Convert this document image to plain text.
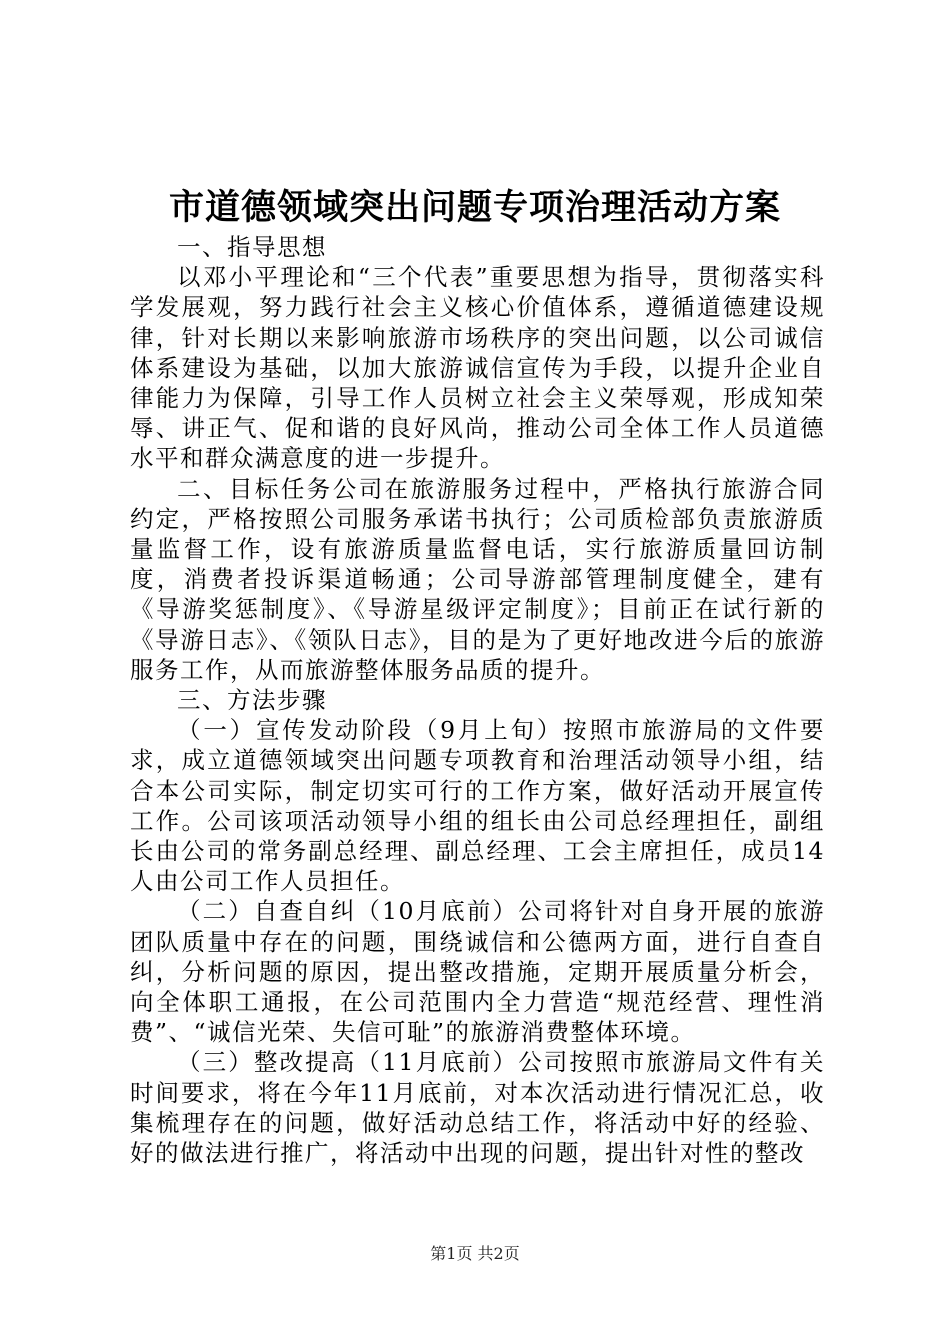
市道德领域突出问题专项治理活动方案

一、指导思想

以邓小平理论和“三个代表”重要思想为指导，贯彻落实科学发展观，努力践行社会主义核心价值体系，遵循道德建设规律，针对长期以来影响旅游市场秩序的突出问题，以公司诚信体系建设为基础，以加大旅游诚信宣传为手段，以提升企业自律能力为保障，引导工作人员树立社会主义荣辱观，形成知荣辱、讲正气、促和谐的良好风尚，推动公司全体工作人员道德水平和群众满意度的进一步提升。

二、目标任务公司在旅游服务过程中，严格执行旅游合同约定，严格按照公司服务承诺书执行；公司质检部负责旅游质量监督工作，设有旅游质量监督电话，实行旅游质量回访制度，消费者投诉渠道畅通；公司导游部管理制度健全，建有《导游奖惩制度》、《导游星级评定制度》；目前正在试行新的《导游日志》、《领队日志》，目的是为了更好地改进今后的旅游服务工作，从而旅游整体服务品质的提升。

三、方法步骤

（一）宣传发动阶段（9月上旬）按照市旅游局的文件要求，成立道德领域突出问题专项教育和治理活动领导小组，结合本公司实际，制定切实可行的工作方案，做好活动开展宣传工作。公司该项活动领导小组的组长由公司总经理担任，副组长由公司的常务副总经理、副总经理、工会主席担任，成员14人由公司工作人员担任。

（二）自查自纠（10月底前）公司将针对自身开展的旅游团队质量中存在的问题，围绕诚信和公德两方面，进行自查自纠，分析问题的原因，提出整改措施，定期开展质量分析会，向全体职工通报，在公司范围内全力营造“规范经营、理性消费”、“诚信光荣、失信可耻”的旅游消费整体环境。

（三）整改提高（11月底前）公司按照市旅游局文件有关时间要求，将在今年11月底前，对本次活动进行情况汇总，收集梳理存在的问题，做好活动总结工作，将活动中好的经验、好的做法进行推广，将活动中出现的问题，提出针对性的整改

第1页 共2页
